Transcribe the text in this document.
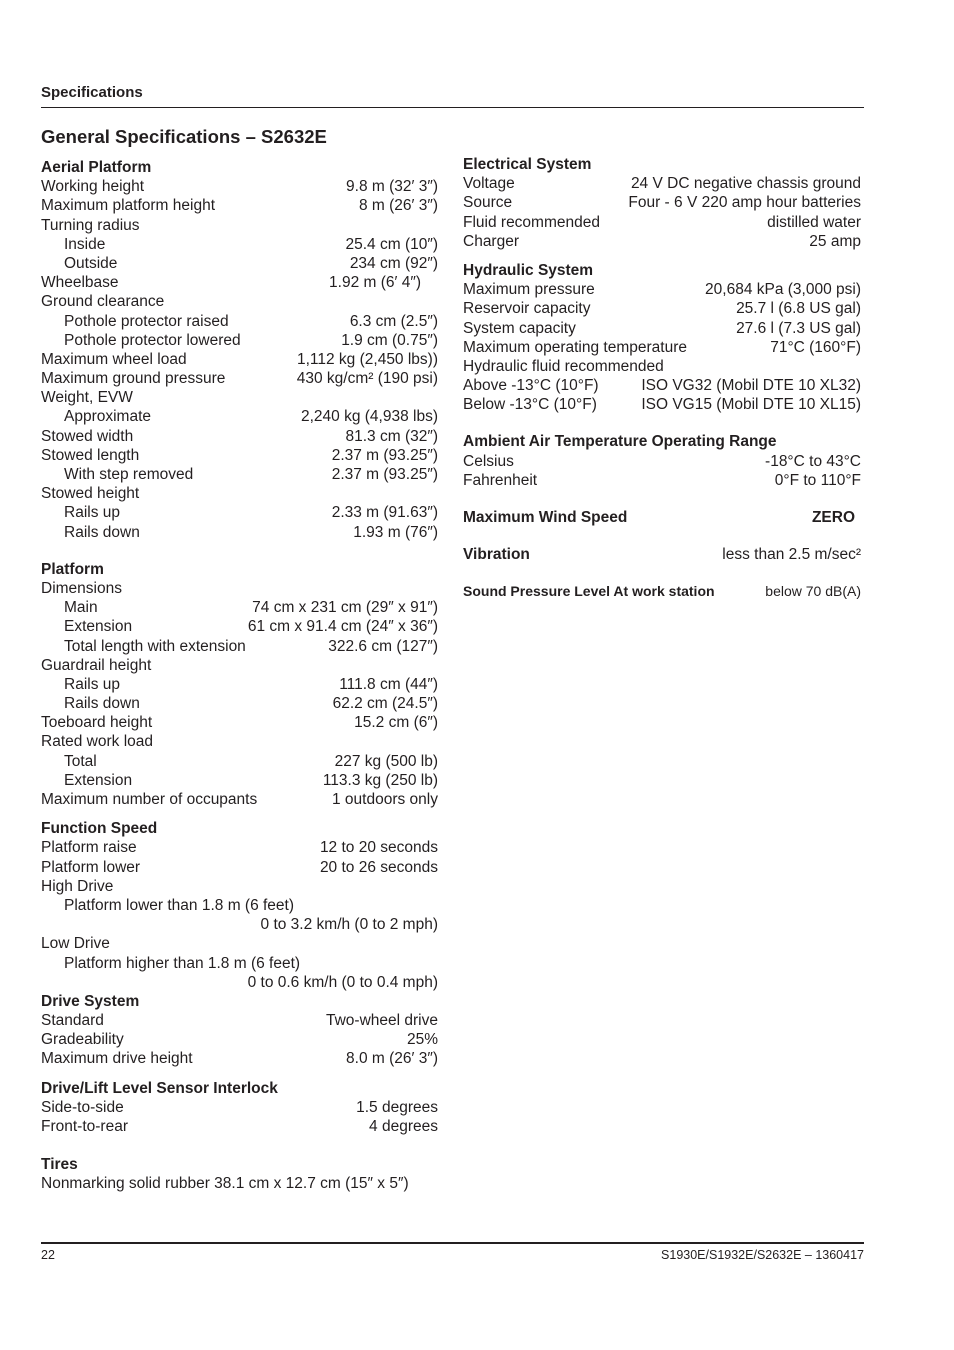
Specifications
General Specifications – S2632E
Aerial Platform
Working height	9.8 m (32′ 3″)
Maximum platform height	8 m (26′ 3″)
Turning radius
Inside	25.4 cm (10″)
Outside	234 cm (92″)
Wheelbase	1.92 m (6′ 4″)
Ground clearance
Pothole protector raised	6.3 cm (2.5″)
Pothole protector lowered	1.9 cm (0.75″)
Maximum wheel load	1,112 kg (2,450 lbs))
Maximum ground pressure	430 kg/cm² (190 psi)
Weight, EVW
Approximate	2,240 kg (4,938 lbs)
Stowed width	81.3 cm (32″)
Stowed length	2.37 m (93.25″)
With step removed	2.37 m (93.25″)
Stowed height
Rails up	2.33 m (91.63″)
Rails down	1.93 m (76″)
Platform
Dimensions
Main	74 cm x 231 cm (29″ x 91″)
Extension	61 cm x 91.4 cm (24″ x 36″)
Total length with extension	322.6 cm (127″)
Guardrail height
Rails up	111.8 cm (44″)
Rails down	62.2 cm (24.5″)
Toeboard height	15.2 cm (6″)
Rated work load
Total	227 kg (500 lb)
Extension	113.3 kg (250 lb)
Maximum number of occupants	1 outdoors only
Function Speed
Platform raise	12 to 20 seconds
Platform lower	20 to 26 seconds
High Drive
Platform lower than 1.8 m (6 feet)
0 to 3.2 km/h (0 to 2 mph)
Low Drive
Platform higher than 1.8 m (6 feet)
0 to 0.6 km/h (0 to 0.4 mph)
Drive System
Standard	Two-wheel drive
Gradeability	25%
Maximum drive height	8.0 m (26′ 3″)
Drive/Lift Level Sensor Interlock
Side-to-side	1.5 degrees
Front-to-rear	4 degrees
Tires
Nonmarking solid rubber 38.1 cm x 12.7 cm (15″ x 5″)
Electrical System
Voltage	24 V DC negative chassis ground
Source	Four - 6 V 220 amp hour batteries
Fluid recommended	distilled water
Charger	25 amp
Hydraulic System
Maximum pressure	20,684 kPa (3,000 psi)
Reservoir capacity	25.7 l (6.8 US gal)
System capacity	27.6 l (7.3 US gal)
Maximum operating temperature	71°C (160°F)
Hydraulic fluid recommended
Above -13°C (10°F)	ISO VG32 (Mobil DTE 10 XL32)
Below -13°C (10°F)	ISO VG15 (Mobil DTE 10 XL15)
Ambient Air Temperature Operating Range
Celsius	-18°C to 43°C
Fahrenheit	0°F to 110°F
Maximum Wind Speed	ZERO
Vibration	less than 2.5 m/sec²
Sound Pressure Level At work station	below 70 dB(A)
22	S1930E/S1932E/S2632E – 1360417
